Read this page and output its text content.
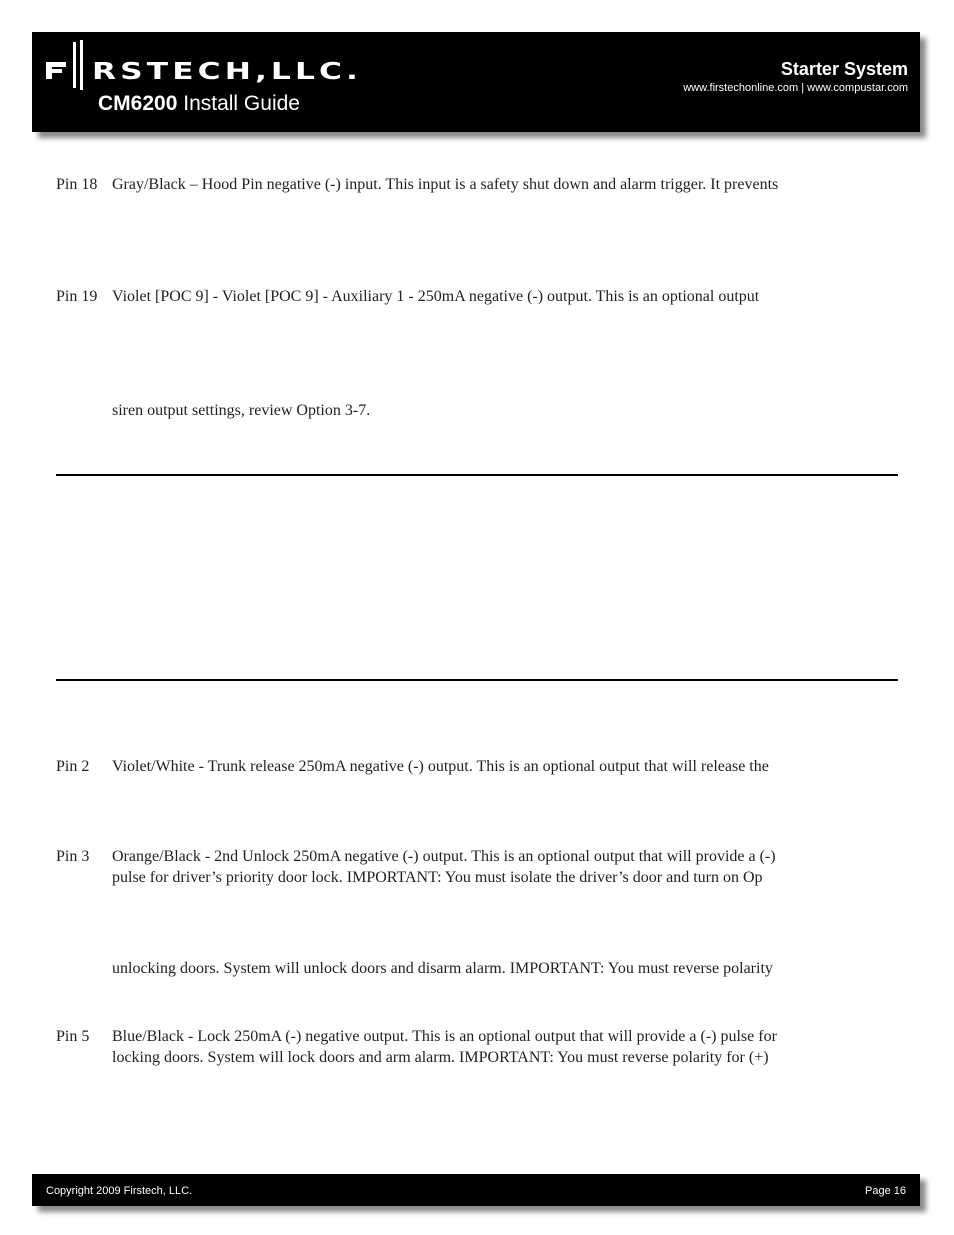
RSTECH,LLC.
CM6200 Install Guide
Starter System
www.firstechonline.com | www.compustar.com
Pin 18 Gray/Black – Hood Pin negative (-) input. This input is a safety shut down and alarm trigger. It prevents
Pin 19 Violet [POC 9] - Violet [POC 9] - Auxiliary 1 - 250mA negative (-) output. This is an optional output
siren output settings, review Option 3-7.
Pin 2	Violet/White - Trunk release 250mA negative (-) output. This is an optional output that will release the
Pin 3	Orange/Black - 2nd Unlock 250mA negative (-) output. This is an optional output that will provide a (-)
pulse for driver’s priority door lock. IMPORTANT: You must isolate the driver’s door and turn on Op
unlocking doors. System will unlock doors and disarm alarm. IMPORTANT: You must reverse polarity
Pin 5	Blue/Black - Lock 250mA (-) negative output. This is an optional output that will provide a (-) pulse for
locking doors. System will lock doors and arm alarm. IMPORTANT: You must reverse polarity for (+)
Copyright 2009 Firstech, LLC.	Page 16
